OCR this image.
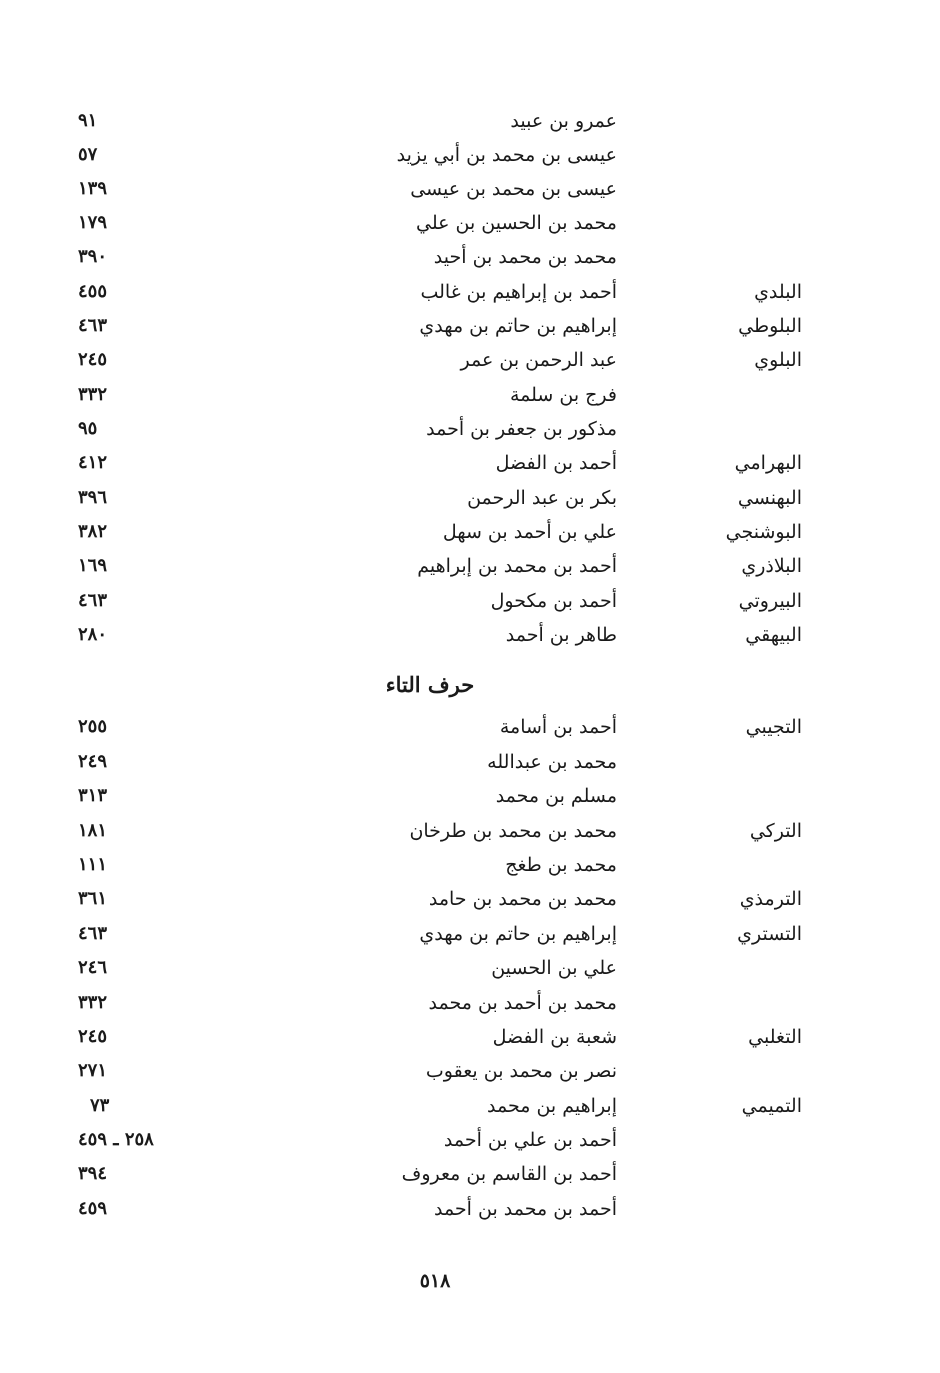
عمرو بن عبيد
٩١
عيسى بن محمد بن أبي يزيد
٥٧
عيسى بن محمد بن عيسى
١٣٩
محمد بن الحسين بن علي
١٧٩
محمد بن محمد بن أحيد
٣٩٠
البلدي
أحمد بن إبراهيم بن غالب
٤٥٥
البلوطي
إبراهيم بن حاتم بن مهدي
٤٦٣
البلوي
عبد الرحمن بن عمر
٢٤٥
فرج بن سلمة
٣٣٢
مذكور بن جعفر بن أحمد
٩٥
البهرامي
أحمد بن الفضل
٤١٢
البهنسي
بكر بن عبد الرحمن
٣٩٦
البوشنجي
علي بن أحمد بن سهل
٣٨٢
البلاذري
أحمد بن محمد بن إبراهيم
١٦٩
البيروتي
أحمد بن مكحول
٤٦٣
البيهقي
طاهر بن أحمد
٢٨٠
حرف التاء
التجيبي
أحمد بن أسامة
٢٥٥
محمد بن عبدالله
٢٤٩
مسلم بن محمد
٣١٣
التركي
محمد بن محمد بن طرخان
١٨١
محمد بن طغج
١١١
الترمذي
محمد بن محمد بن حامد
٣٦١
التستري
إبراهيم بن حاتم بن مهدي
٤٦٣
علي بن الحسين
٢٤٦
محمد بن أحمد بن محمد
٣٣٢
التغلبي
شعبة بن الفضل
٢٤٥
نصر بن محمد بن يعقوب
٢٧١
التميمي
إبراهيم بن محمد
٧٣
أحمد بن علي بن أحمد
٢٥٨ ـ ٤٥٩
أحمد بن القاسم بن معروف
٣٩٤
أحمد بن محمد بن أحمد
٤٥٩
٥١٨
